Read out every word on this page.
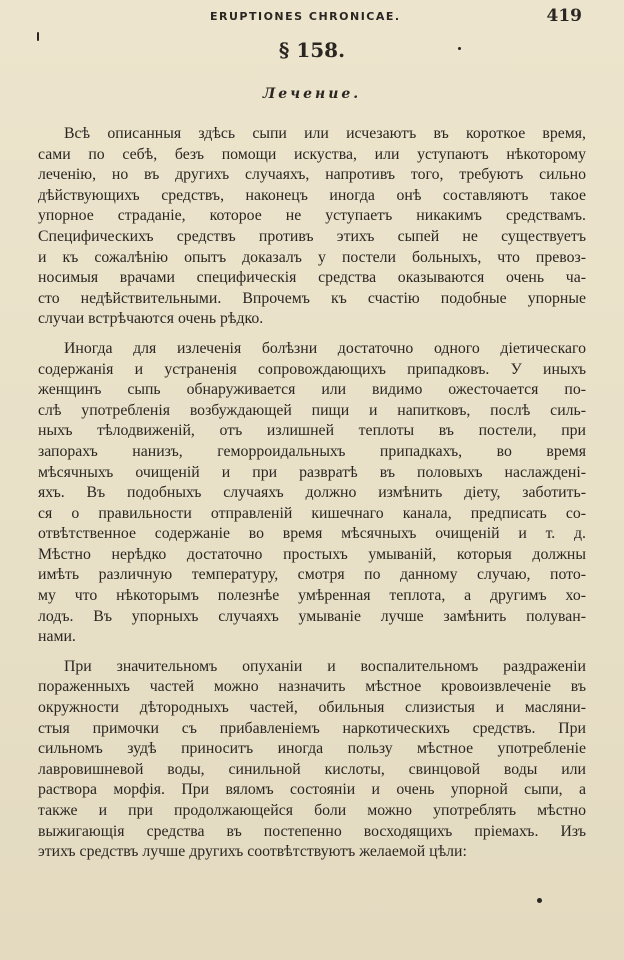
ERUPTIONES CHRONICAE.	419
§ 158.
Лечение.
Всѣ описанныя здѣсь сыпи или исчезаютъ въ короткое время,
сами по себѣ, безъ помощи искуства, или уступаютъ нѣкоторому
леченію, но въ другихъ случаяхъ, напротивъ того, требуютъ сильно
дѣйствующихъ средствъ, наконецъ иногда онѣ составляютъ такое
упорное страданіе, которое не уступаетъ никакимъ средствамъ.
Специфическихъ средствъ противъ этихъ сыпей не существуетъ
и къ сожалѣнію опытъ доказалъ у постели больныхъ, что превоз-
носимыя врачами специфическія средства оказываются очень ча-
сто недѣйствительными. Впрочемъ къ счастію подобные упорные
случаи встрѣчаются очень рѣдко.
Иногда для излеченія болѣзни достаточно одного діетическаго
содержанія и устраненія сопровождающихъ припадковъ. У иныхъ
женщинъ сыпь обнаруживается или видимо ожесточается по-
слѣ употребленія возбуждающей пищи и напитковъ, послѣ силь-
ныхъ тѣлодвиженій, отъ излишней теплоты въ постели, при
запорахъ нанизъ, геморроидальныхъ припадкахъ, во время
мѣсячныхъ очищеній и при развратѣ въ половыхъ наслажденi-
яхъ. Въ подобныхъ случаяхъ должно измѣнить діету, заботить-
ся о правильности отправленій кишечнаго канала, предписать со-
отвѣтственное содержаніе во время мѣсячныхъ очищеній и т. д.
Мѣстно нерѣдко достаточно простыхъ умываній, которыя должны
имѣть различную температуру, смотря по данному случаю, пото-
му что нѣкоторымъ полезнѣе умѣренная теплота, а другимъ хо-
лодъ. Въ упорныхъ случаяхъ умываніе лучше замѣнить полуван-
нами.
При значительномъ опуханіи и воспалительномъ раздраженіи
пораженныхъ частей можно назначить мѣстное кровоизвлеченіе въ
окружности дѣтородныхъ частей, обильныя слизистыя и масляни-
стыя примочки съ прибавленіемъ наркотическихъ средствъ. При
сильномъ зудѣ приноситъ иногда пользу мѣстное употребленіе
лавровишневой воды, синильной кислоты, свинцовой воды или
раствора морфія. При вяломъ состояніи и очень упорной сыпи, а
также и при продолжающейся боли можно употреблять мѣстно
выжигающія средства въ постепенно восходящихъ пріемахъ. Изъ
этихъ средствъ лучше другихъ соотвѣтствуютъ желаемой цѣли:
